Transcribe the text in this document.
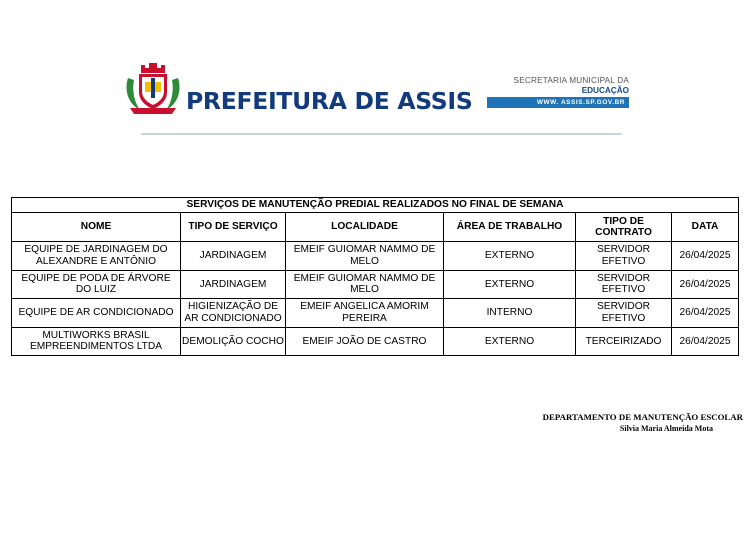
PREFEITURA DE ASSIS
SECRETARIA MUNICIPAL DA
EDUCAÇÃO
WWW. ASSIS.SP.GOV.BR
SERVIÇOS DE MANUTENÇÃO PREDIAL REALIZADOS NO FINAL DE SEMANA					
NOME	TIPO DE SERVIÇO	LOCALIDADE	ÁREA DE TRABALHO	TIPO DE CONTRATO	DATA
EQUIPE DE JARDINAGEM DO ALEXANDRE E ANTÔNIO	JARDINAGEM	EMEIF GUIOMAR NAMMO DE MELO	EXTERNO	SERVIDOR EFETIVO	26/04/2025
EQUIPE DE PODA DE ÁRVORE DO LUIZ	JARDINAGEM	EMEIF GUIOMAR NAMMO DE MELO	EXTERNO	SERVIDOR EFETIVO	26/04/2025
EQUIPE DE AR CONDICIONADO	HIGIENIZAÇÃO DE AR CONDICIONADO	EMEIF ANGELICA AMORIM PEREIRA	INTERNO	SERVIDOR EFETIVO	26/04/2025
MULTIWORKS BRASIL EMPREENDIMENTOS LTDA	DEMOLIÇÃO COCHO	EMEIF JOÃO DE CASTRO	EXTERNO	TERCEIRIZADO	26/04/2025
DEPARTAMENTO DE MANUTENÇÃO ESCOLAR
Silvia Maria Almeida Mota
